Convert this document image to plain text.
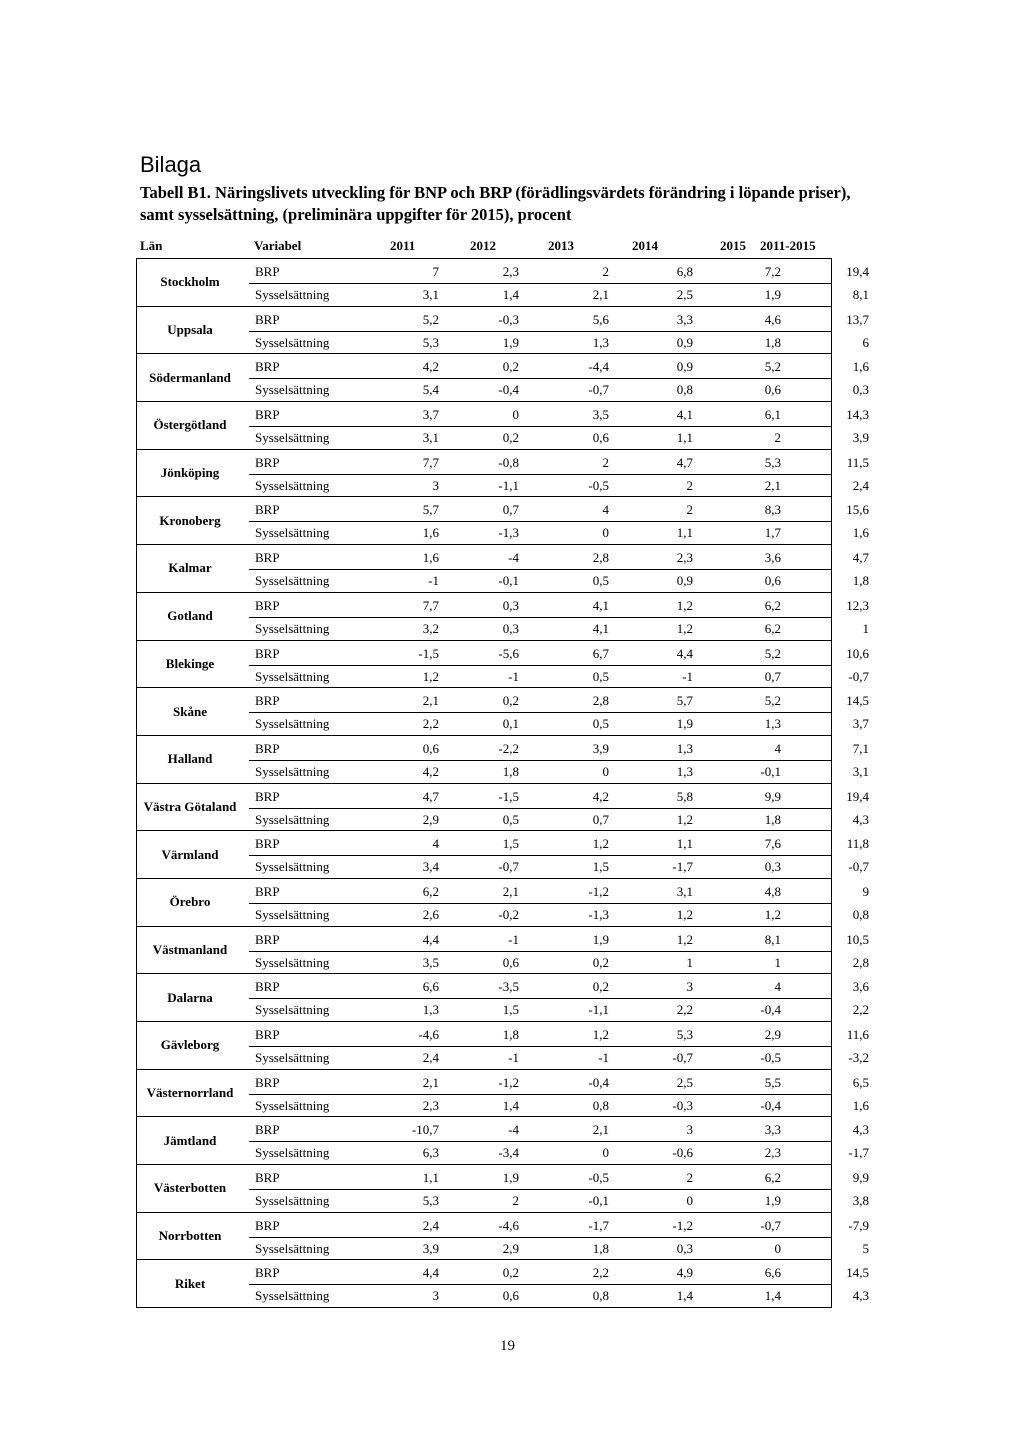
Bilaga
Tabell B1. Näringslivets utveckling för BNP och BRP (förädlingsvärdets förändring i löpande priser), samt sysselsättning, (preliminära uppgifter för 2015), procent
Län	Variabel	2011	2012	2013	2014	2015 2011-2015
Stockholm
BRP	7	2,3	2	6,8	7,2	19,4
Sysselsättning	3,1	1,4	2,1	2,5	1,9	8,1
Uppsala
BRP	5,2	-0,3	5,6	3,3	4,6	13,7
Sysselsättning	5,3	1,9	1,3	0,9	1,8	6
Södermanland
BRP	4,2	0,2	-4,4	0,9	5,2	1,6
Sysselsättning	5,4	-0,4	-0,7	0,8	0,6	0,3
Östergötland
BRP	3,7	0	3,5	4,1	6,1	14,3
Sysselsättning	3,1	0,2	0,6	1,1	2	3,9
Jönköping
BRP	7,7	-0,8	2	4,7	5,3	11,5
Sysselsättning	3	-1,1	-0,5	2	2,1	2,4
Kronoberg
BRP	5,7	0,7	4	2	8,3	15,6
Sysselsättning	1,6	-1,3	0	1,1	1,7	1,6
Kalmar
BRP	1,6	-4	2,8	2,3	3,6	4,7
Sysselsättning	-1	-0,1	0,5	0,9	0,6	1,8
Gotland
BRP	7,7	0,3	4,1	1,2	6,2	12,3
Sysselsättning	3,2	0,3	4,1	1,2	6,2	1
Blekinge
BRP	-1,5	-5,6	6,7	4,4	5,2	10,6
Sysselsättning	1,2	-1	0,5	-1	0,7	-0,7
Skåne
BRP	2,1	0,2	2,8	5,7	5,2	14,5
Sysselsättning	2,2	0,1	0,5	1,9	1,3	3,7
Halland
BRP	0,6	-2,2	3,9	1,3	4	7,1
Sysselsättning	4,2	1,8	0	1,3	-0,1	3,1
Västra Götaland
BRP	4,7	-1,5	4,2	5,8	9,9	19,4
Sysselsättning	2,9	0,5	0,7	1,2	1,8	4,3
Värmland
BRP	4	1,5	1,2	1,1	7,6	11,8
Sysselsättning	3,4	-0,7	1,5	-1,7	0,3	-0,7
Örebro
BRP	6,2	2,1	-1,2	3,1	4,8	9
Sysselsättning	2,6	-0,2	-1,3	1,2	1,2	0,8
Västmanland
BRP	4,4	-1	1,9	1,2	8,1	10,5
Sysselsättning	3,5	0,6	0,2	1	1	2,8
Dalarna
BRP	6,6	-3,5	0,2	3	4	3,6
Sysselsättning	1,3	1,5	-1,1	2,2	-0,4	2,2
Gävleborg
BRP	-4,6	1,8	1,2	5,3	2,9	11,6
Sysselsättning	2,4	-1	-1	-0,7	-0,5	-3,2
Västernorrland
BRP	2,1	-1,2	-0,4	2,5	5,5	6,5
Sysselsättning	2,3	1,4	0,8	-0,3	-0,4	1,6
Jämtland
BRP	-10,7	-4	2,1	3	3,3	4,3
Sysselsättning	6,3	-3,4	0	-0,6	2,3	-1,7
Västerbotten
BRP	1,1	1,9	-0,5	2	6,2	9,9
Sysselsättning	5,3	2	-0,1	0	1,9	3,8
Norrbotten
BRP	2,4	-4,6	-1,7	-1,2	-0,7	-7,9
Sysselsättning	3,9	2,9	1,8	0,3	0	5
Riket
BRP	4,4	0,2	2,2	4,9	6,6	14,5
Sysselsättning	3	0,6	0,8	1,4	1,4	4,3
19
